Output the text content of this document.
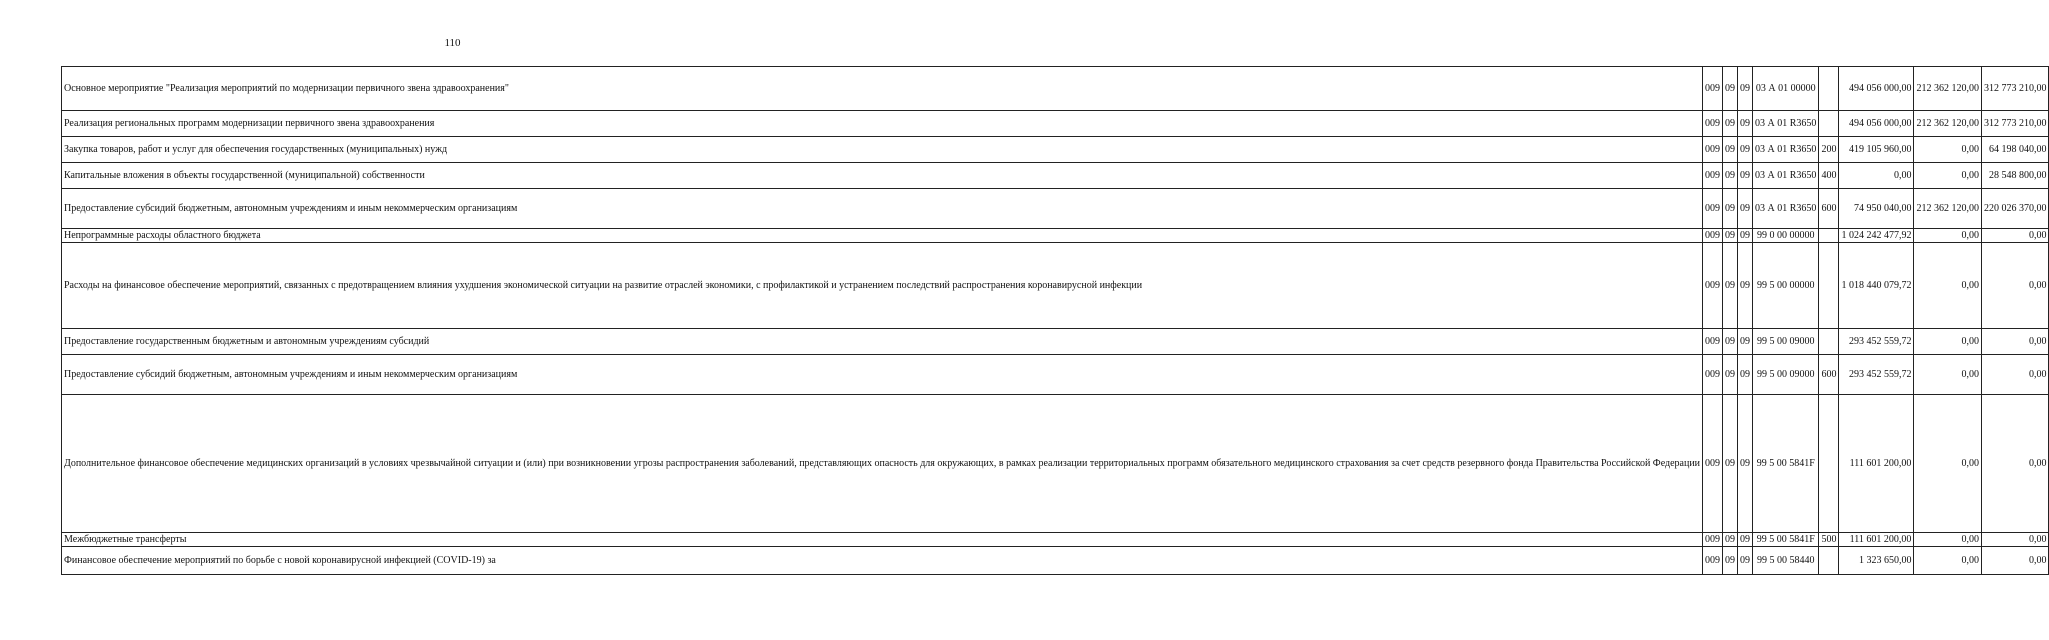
110
Основное мероприятие "Реализация мероприятий по модернизации первичного звена здравоохранения"	009	09	09	03 А 01 00000		494 056 000,00	212 362 120,00	312 773 210,00
Реализация региональных программ модернизации первичного звена здравоохранения	009	09	09	03 А 01 R3650		494 056 000,00	212 362 120,00	312 773 210,00
Закупка товаров, работ и услуг для обеспечения государственных (муниципальных) нужд	009	09	09	03 А 01 R3650	200	419 105 960,00	0,00	64 198 040,00
Капитальные вложения в объекты государственной (муниципальной) собственности	009	09	09	03 А 01 R3650	400	0,00	0,00	28 548 800,00
Предоставление субсидий бюджетным, автономным учреждениям и иным некоммерческим организациям	009	09	09	03 А 01 R3650	600	74 950 040,00	212 362 120,00	220 026 370,00
Непрограммные расходы областного бюджета	009	09	09	99 0 00 00000		1 024 242 477,92	0,00	0,00
Расходы на финансовое обеспечение мероприятий, связанных с предотвращением влияния ухудшения экономической ситуации на развитие отраслей экономики, с профилактикой и устранением последствий распространения коронавирусной инфекции	009	09	09	99 5 00 00000		1 018 440 079,72	0,00	0,00
Предоставление государственным бюджетным и автономным учреждениям субсидий	009	09	09	99 5 00 09000		293 452 559,72	0,00	0,00
Предоставление субсидий бюджетным, автономным учреждениям и иным некоммерческим организациям	009	09	09	99 5 00 09000	600	293 452 559,72	0,00	0,00
Дополнительное финансовое обеспечение медицинских организаций в условиях чрезвычайной ситуации и (или) при возникновении угрозы распространения заболеваний, представляющих опасность для окружающих, в рамках реализации территориальных программ обязательного медицинского страхования за счет средств резервного фонда Правительства Российской Федерации	009	09	09	99 5 00 5841F		111 601 200,00	0,00	0,00
Межбюджетные трансферты	009	09	09	99 5 00 5841F	500	111 601 200,00	0,00	0,00
Финансовое обеспечение мероприятий по борьбе с новой коронавирусной инфекцией (COVID-19) за	009	09	09	99 5 00 58440		1 323 650,00	0,00	0,00
